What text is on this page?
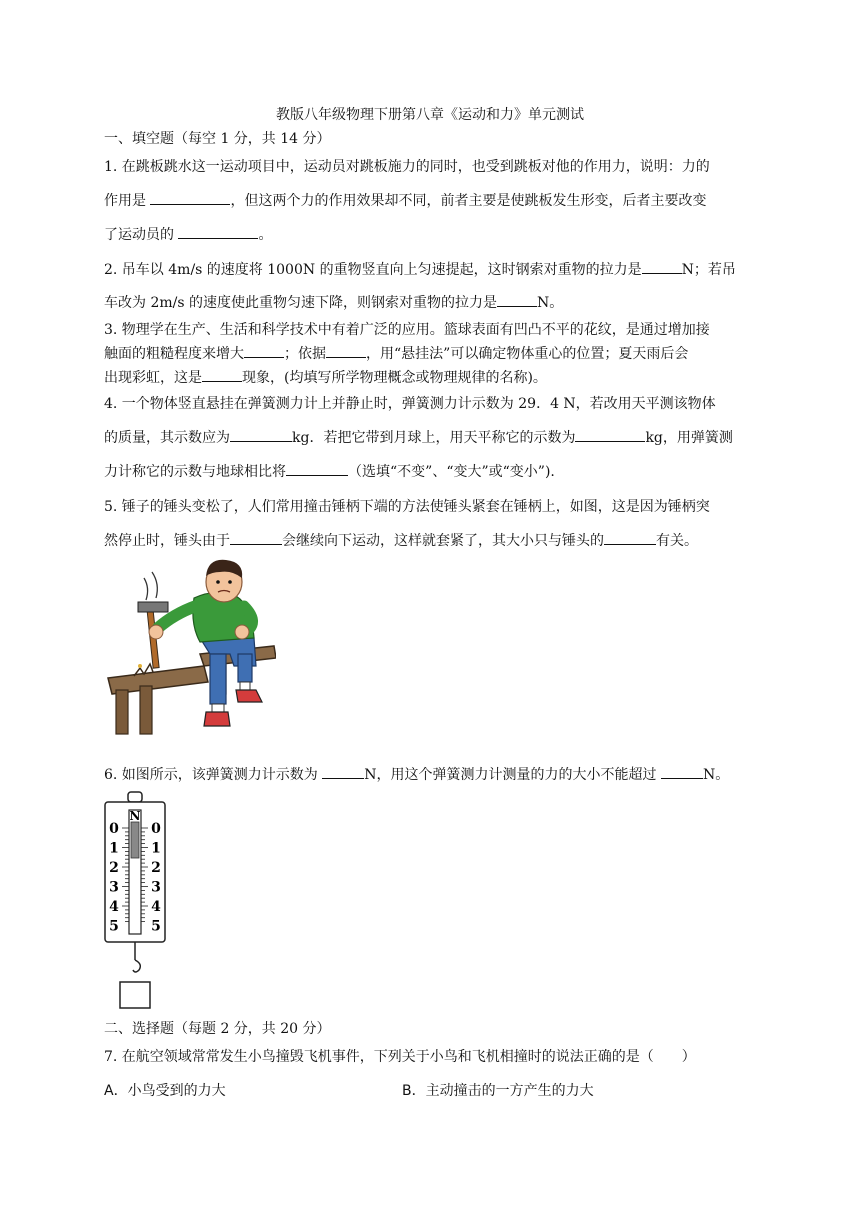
教版八年级物理下册第八章《运动和力》单元测试
一、填空题（每空 1 分，共 14 分）
1. 在跳板跳水这一运动项目中，运动员对跳板施力的同时，也受到跳板对他的作用力，说明：力的
作用是	，但这两个力的作用效果却不同，前者主要是使跳板发生形变，后者主要改变
了运动员的	。
2. 吊车以 4m/s 的速度将 1000N 的重物竖直向上匀速提起，这时钢索对重物的拉力是	N；若吊
车改为 2m/s 的速度使此重物匀速下降，则钢索对重物的拉力是	N。
3. 物理学在生产、生活和科学技术中有着广泛的应用。篮球表面有凹凸不平的花纹，是通过增加接
触面的粗糙程度来增大	；依据	，用“悬挂法”可以确定物体重心的位置；夏天雨后会
出现彩虹，这是	现象，(均填写所学物理概念或物理规律的名称)。
4. 一个物体竖直悬挂在弹簧测力计上并静止时，弹簧测力计示数为 29．4 N，若改用天平测该物体
的质量，其示数应为	kg．若把它带到月球上，用天平称它的示数为	kg，用弹簧测
力计称它的示数与地球相比将	（选填“不变”、“变大”或“变小”).
5. 锤子的锤头变松了，人们常用撞击锤柄下端的方法使锤头紧套在锤柄上，如图，这是因为锤柄突
然停止时，锤头由于	会继续向下运动，这样就套紧了，其大小只与锤头的	有关。
6. 如图所示，该弹簧测力计示数为	N，用这个弹簧测力计测量的力的大小不能超过	N。
N
0 0
1 1
2 2
3 3
4 4
5 5
二、选择题（每题 2 分，共 20 分）
7. 在航空领域常常发生小鸟撞毁飞机事件，下列关于小鸟和飞机相撞时的说法正确的是（　　）
A．小鸟受到的力大	B．主动撞击的一方产生的力大
